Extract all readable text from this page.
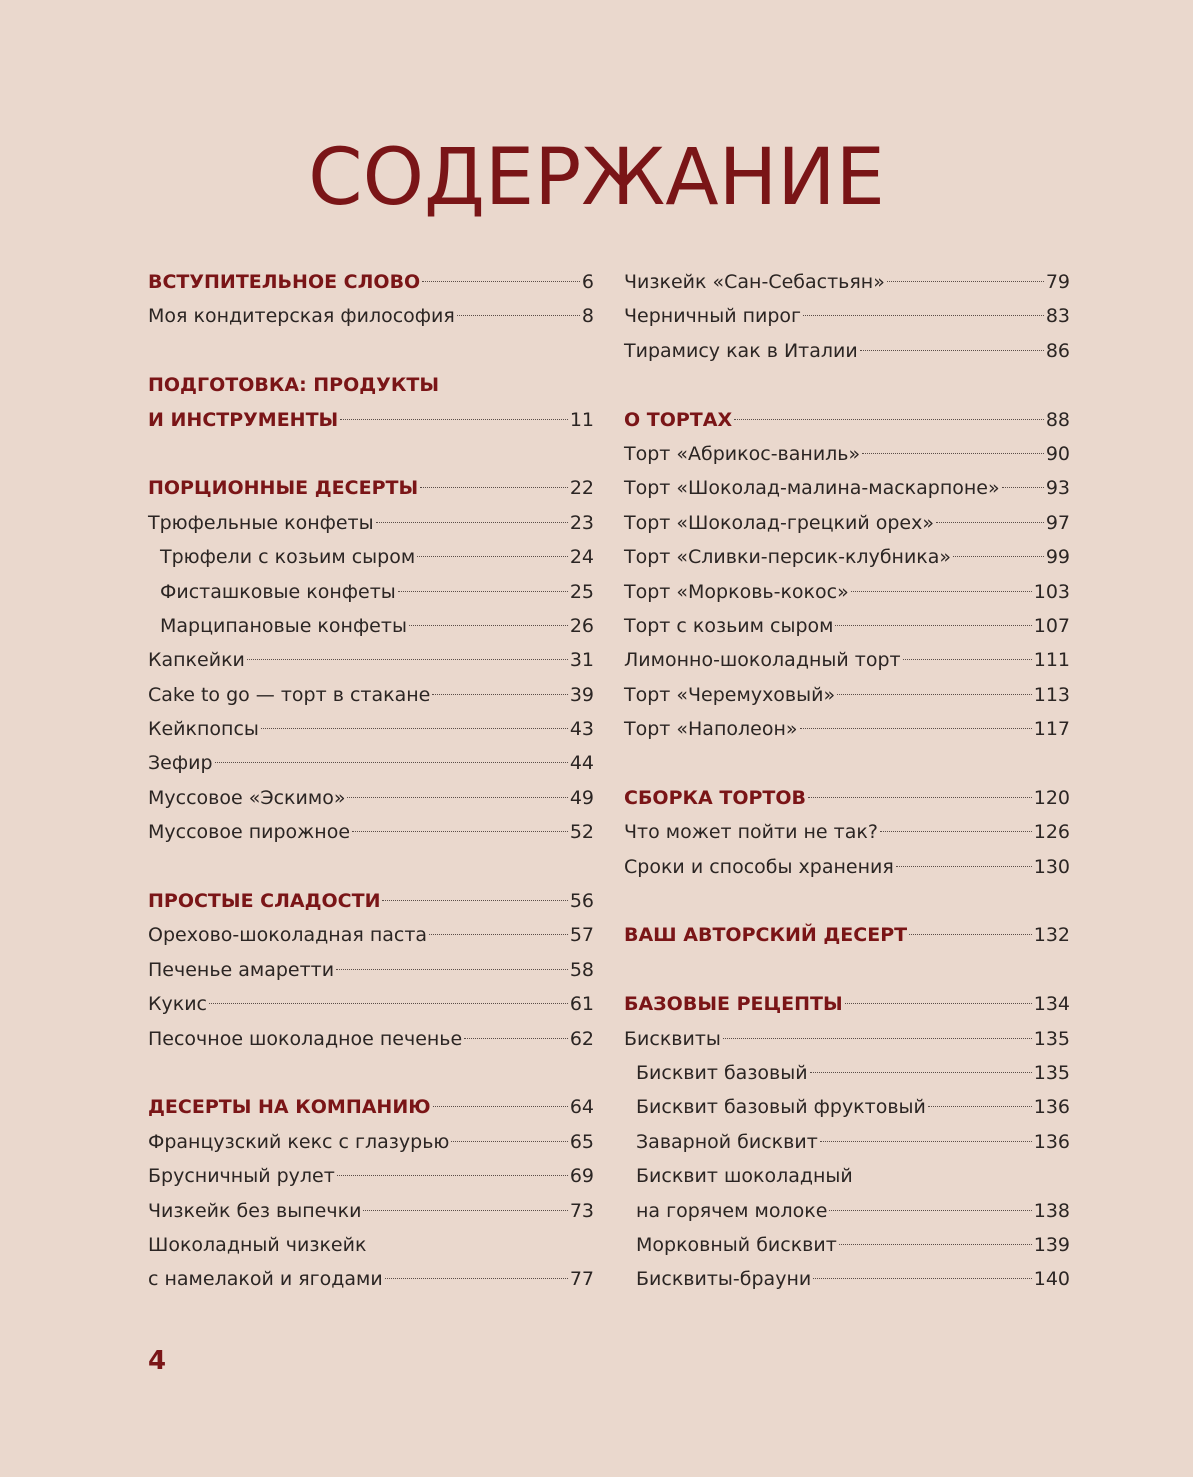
СОДЕРЖАНИЕ
ВСТУПИТЕЛЬНОЕ СЛОВО	6
Моя кондитерская философия	8
ПОДГОТОВКА: ПРОДУКТЫ
И ИНСТРУМЕНТЫ	11
ПОРЦИОННЫЕ ДЕСЕРТЫ	22
Трюфельные конфеты	23
Трюфели с козьим сыром	24
Фисташковые конфеты	25
Марципановые конфеты	26
Капкейки	31
Cake to go — торт в стакане	39
Кейкпопсы	43
Зефир	44
Муссовое «Эскимо»	49
Муссовое пирожное	52
ПРОСТЫЕ СЛАДОСТИ	56
Орехово-шоколадная паста	57
Печенье амаретти	58
Кукис	61
Песочное шоколадное печенье	62
ДЕСЕРТЫ НА КОМПАНИЮ	64
Французский кекс с глазурью	65
Брусничный рулет	69
Чизкейк без выпечки	73
Шоколадный чизкейк
с намелакой и ягодами	77
Чизкейк «Сан-Себастьян»	79
Черничный пирог	83
Тирамису как в Италии	86
О ТОРТАХ	88
Торт «Абрикос-ваниль»	90
Торт «Шоколад-малина-маскарпоне» 93
Торт «Шоколад-грецкий орех»	97
Торт «Сливки-персик-клубника»	99
Торт «Морковь-кокос»	103
Торт с козьим сыром	107
Лимонно-шоколадный торт	111
Торт «Черемуховый»	113
Торт «Наполеон»	117
СБОРКА ТОРТОВ	120
Что может пойти не так?	126
Сроки и способы хранения	130
ВАШ АВТОРСКИЙ ДЕСЕРТ	132
БАЗОВЫЕ РЕЦЕПТЫ	134
Бисквиты	135
Бисквит базовый	135
Бисквит базовый фруктовый	136
Заварной бисквит	136
Бисквит шоколадный
на горячем молоке	138
Морковный бисквит	139
Бисквиты-брауни	140
4
